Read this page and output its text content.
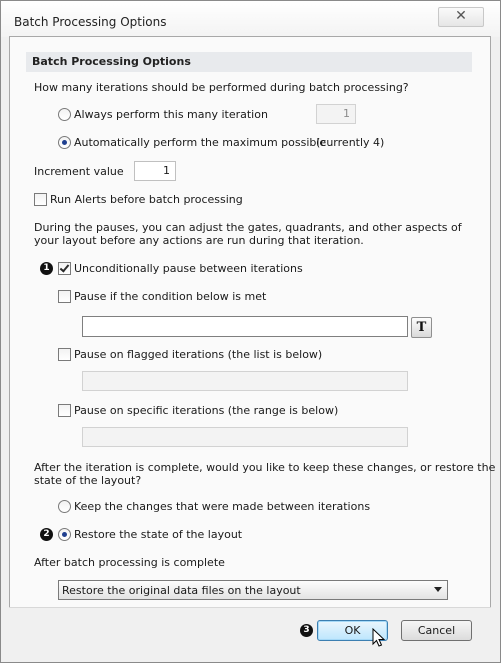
Batch Processing Options	✕
Batch Processing Options
How many iterations should be performed during batch processing?
Always perform this many iteration	1
Automatically perform the maximum possible
(currently 4)
Increment value	1
Run Alerts before batch processing
During the pauses, you can adjust the gates, quadrants, and other aspects of
your layout before any actions are run during that iteration.
1	Unconditionally pause between iterations
Pause if the condition below is met
T
Pause on flagged iterations (the list is below)
Pause on specific iterations (the range is below)
After the iteration is complete, would you like to keep these changes, or restore the
state of the layout?
Keep the changes that were made between iterations
2	Restore the state of the layout
After batch processing is complete
Restore the original data files on the layout
3	OK	Cancel
